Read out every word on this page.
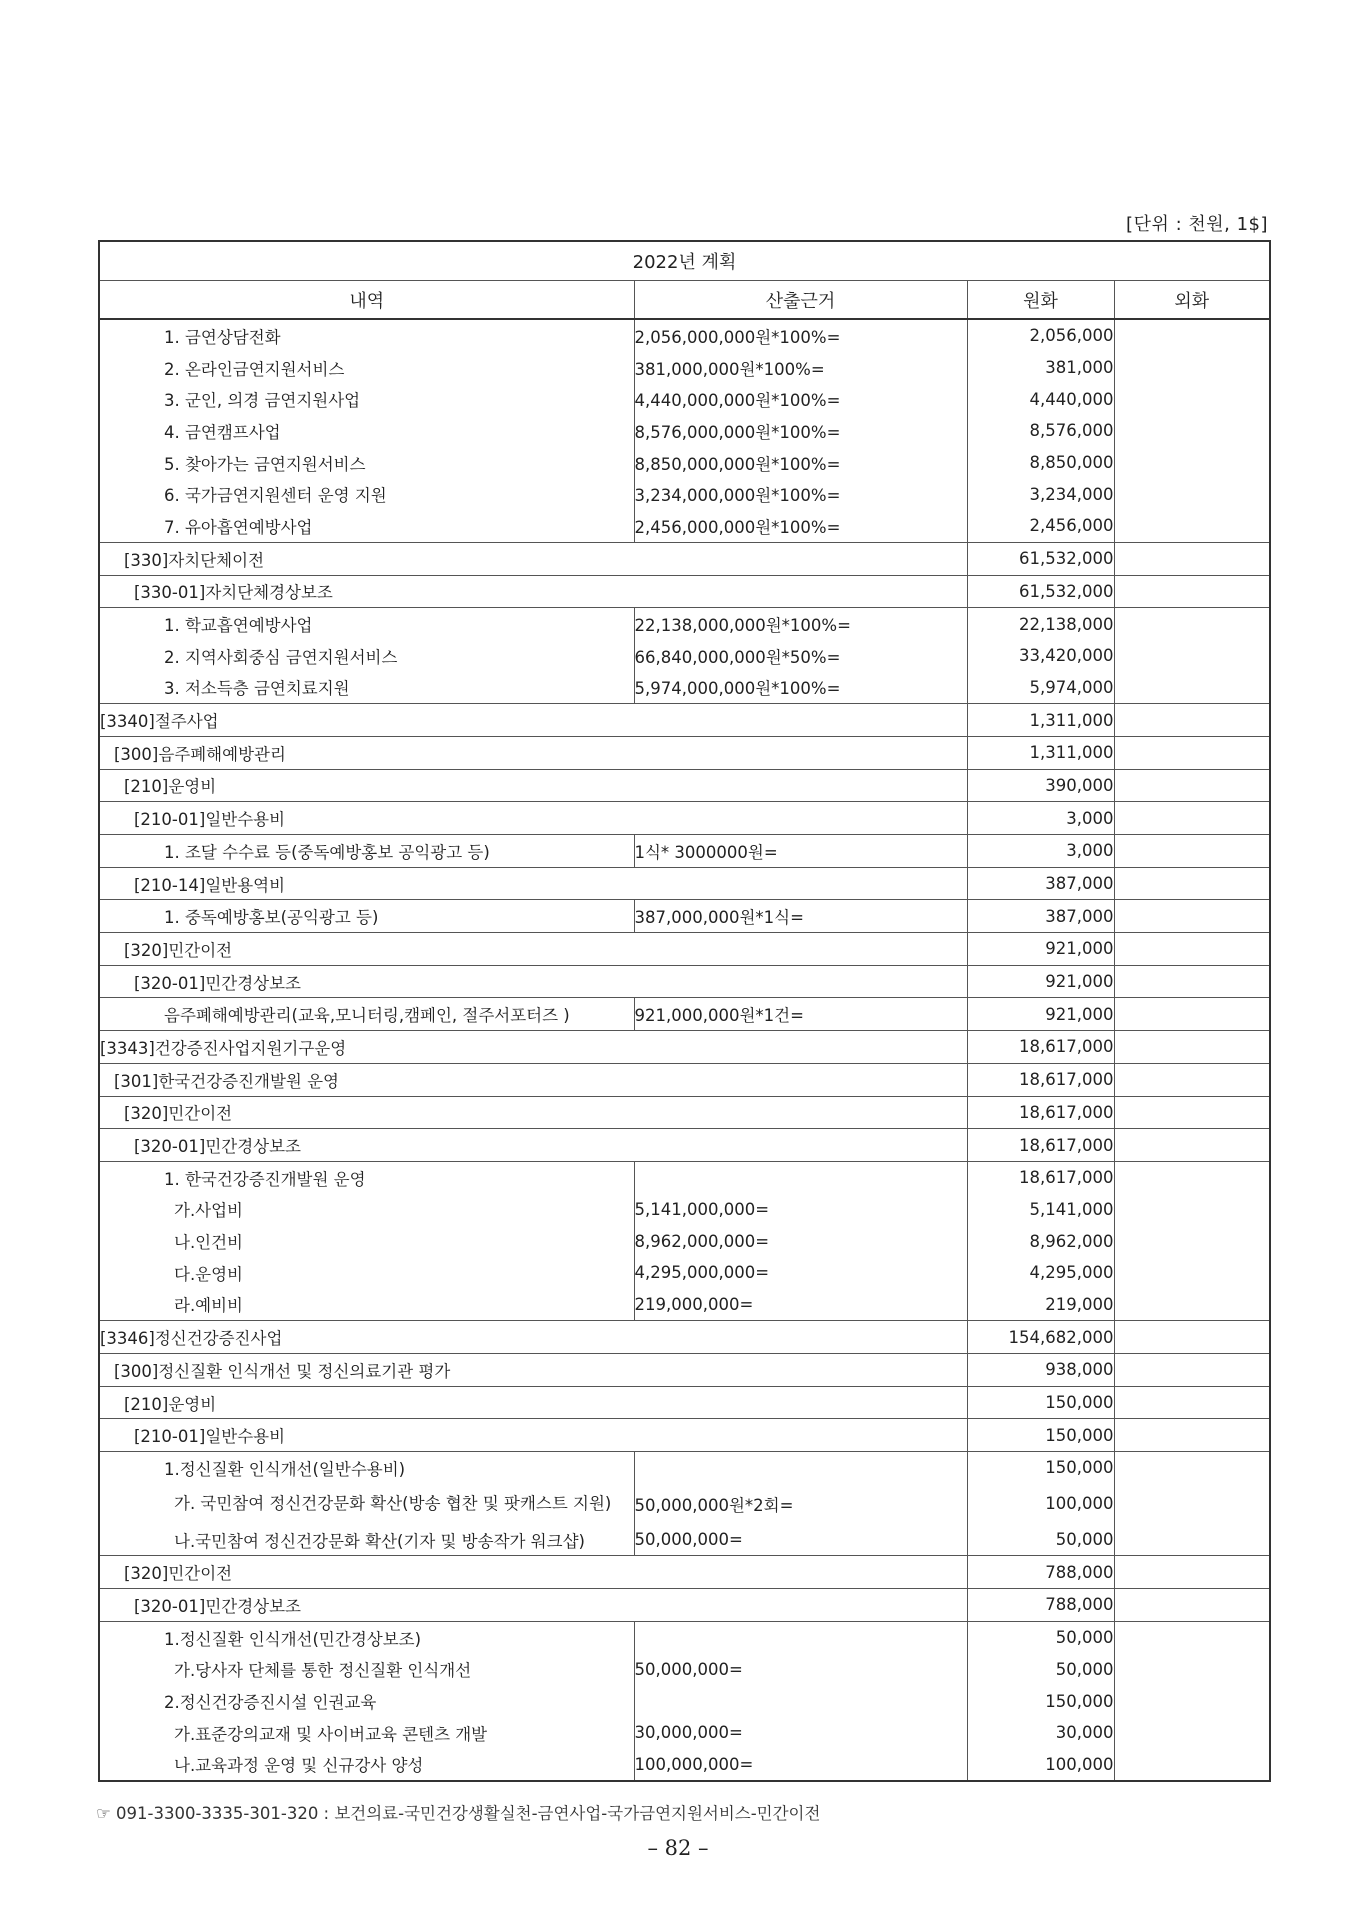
[단위 : 천원, 1$]
2022년 계획			
내역	산출근거	원화	외화
1. 금연상담전화	2,056,000,000원*100%=	2,056,000	
2. 온라인금연지원서비스	381,000,000원*100%=	381,000	
3. 군인, 의경 금연지원사업	4,440,000,000원*100%=	4,440,000	
4. 금연캠프사업	8,576,000,000원*100%=	8,576,000	
5. 찾아가는 금연지원서비스	8,850,000,000원*100%=	8,850,000	
6. 국가금연지원센터 운영 지원	3,234,000,000원*100%=	3,234,000	
7. 유아흡연예방사업	2,456,000,000원*100%=	2,456,000	
[330]자치단체이전		61,532,000	
[330-01]자치단체경상보조		61,532,000	
1. 학교흡연예방사업	22,138,000,000원*100%=	22,138,000	
2. 지역사회중심 금연지원서비스	66,840,000,000원*50%=	33,420,000	
3. 저소득층 금연치료지원	5,974,000,000원*100%=	5,974,000	
[3340]절주사업		1,311,000	
[300]음주폐해예방관리		1,311,000	
[210]운영비		390,000	
[210-01]일반수용비		3,000	
1. 조달 수수료 등(중독예방홍보 공익광고 등)	1식* 3000000원=	3,000	
[210-14]일반용역비		387,000	
1. 중독예방홍보(공익광고 등)	387,000,000원*1식=	387,000	
[320]민간이전		921,000	
[320-01]민간경상보조		921,000	
음주폐해예방관리(교육,모니터링,캠페인, 절주서포터즈 )	921,000,000원*1건=	921,000	
[3343]건강증진사업지원기구운영		18,617,000	
[301]한국건강증진개발원 운영		18,617,000	
[320]민간이전		18,617,000	
[320-01]민간경상보조		18,617,000	
1. 한국건강증진개발원 운영		18,617,000	
가.사업비	5,141,000,000=	5,141,000	
나.인건비	8,962,000,000=	8,962,000	
다.운영비	4,295,000,000=	4,295,000	
라.예비비	219,000,000=	219,000	
[3346]정신건강증진사업		154,682,000	
[300]정신질환 인식개선 및 정신의료기관 평가		938,000	
[210]운영비		150,000	
[210-01]일반수용비		150,000	
1.정신질환 인식개선(일반수용비)		150,000	
가. 국민참여 정신건강문화 확산(방송 협찬 및 팟캐스트 지원)	50,000,000원*2회=	100,000	
나.국민참여 정신건강문화 확산(기자 및 방송작가 워크샵)	50,000,000=	50,000	
[320]민간이전		788,000	
[320-01]민간경상보조		788,000	
1.정신질환 인식개선(민간경상보조)		50,000	
가.당사자 단체를 통한 정신질환 인식개선	50,000,000=	50,000	
2.정신건강증진시설 인권교육		150,000	
가.표준강의교재 및 사이버교육 콘텐츠 개발	30,000,000=	30,000	
나.교육과정 운영 및 신규강사 양성	100,000,000=	100,000	
☞ 091-3300-3335-301-320 : 보건의료-국민건강생활실천-금연사업-국가금연지원서비스-민간이전
– 82 –
